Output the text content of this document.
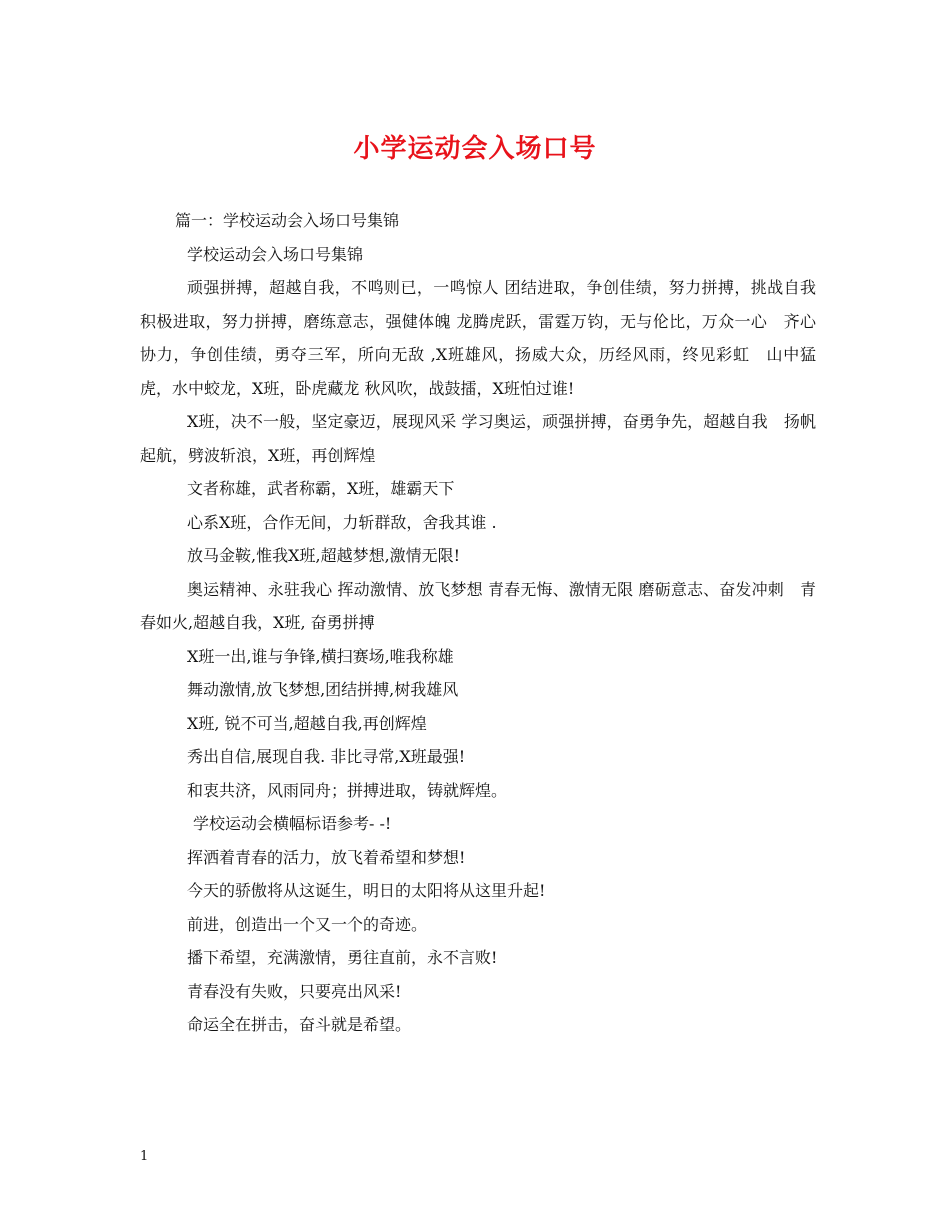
小学运动会入场口号

篇一：学校运动会入场口号集锦

学校运动会入场口号集锦

顽强拼搏，超越自我，不鸣则已，一鸣惊人 团结进取，争创佳绩，努力拼搏，挑战自我　积极进取，努力拼搏，磨练意志，强健体魄 龙腾虎跃，雷霆万钧，无与伦比，万众一心　齐心协力，争创佳绩，勇夺三军，所向无敌 ,X班雄风，扬威大众，历经风雨，终见彩虹　山中猛虎，水中蛟龙，X班，卧虎藏龙 秋风吹，战鼓擂，X班怕过谁!

X班，决不一般，坚定豪迈，展现风采 学习奥运，顽强拼搏，奋勇争先，超越自我　扬帆起航，劈波斩浪，X班，再创辉煌

文者称雄，武者称霸，X班，雄霸天下

心系X班，合作无间，力斩群敌，舍我其谁 .

放马金鞍,惟我X班,超越梦想,激情无限!

奥运精神、永驻我心 挥动激情、放飞梦想 青春无悔、激情无限 磨砺意志、奋发冲刺　青春如火,超越自我，X班, 奋勇拼搏

X班一出,谁与争锋,横扫赛场,唯我称雄

舞动激情,放飞梦想,团结拼搏,树我雄风

X班, 锐不可当,超越自我,再创辉煌

秀出自信,展现自我. 非比寻常,X班最强!

和衷共济，风雨同舟；拼搏进取，铸就辉煌。

学校运动会横幅标语参考- -!

挥洒着青春的活力，放飞着希望和梦想!

今天的骄傲将从这诞生，明日的太阳将从这里升起!

前进，创造出一个又一个的奇迹。

播下希望，充满激情，勇往直前，永不言败!

青春没有失败，只要亮出风采!

命运全在拼击，奋斗就是希望。

1
